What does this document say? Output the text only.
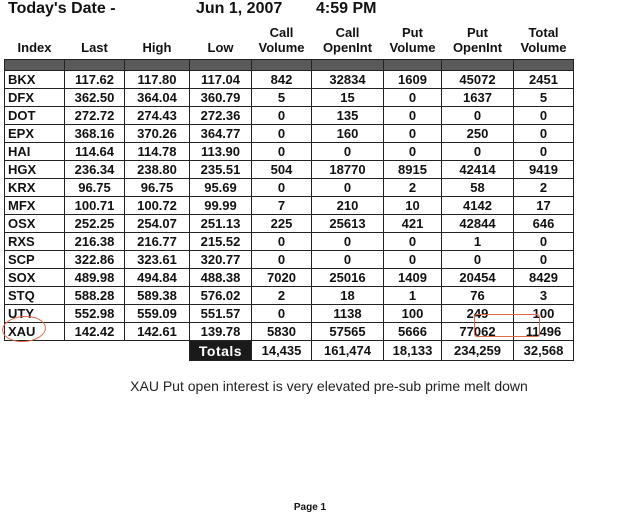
Today's Date -	Jun 1, 2007 4:59 PM
Index	Last	High	Low	Call Volume	Call OpenInt	Put Volume	Put OpenInt	Total Volume

BKX	117.62	117.80	117.04	842	32834	1609	45072	2451
DFX	362.50	364.04	360.79	5	15	0	1637	5
DOT	272.72	274.43	272.36	0	135	0	0	0
EPX	368.16	370.26	364.77	0	160	0	250	0
HAI	114.64	114.78	113.90	0	0	0	0	0
HGX	236.34	238.80	235.51	504	18770	8915	42414	9419
KRX	96.75	96.75	95.69	0	0	2	58	2
MFX	100.71	100.72	99.99	7	210	10	4142	17
OSX	252.25	254.07	251.13	225	25613	421	42844	646
RXS	216.38	216.77	215.52	0	0	0	1	0
SCP	322.86	323.61	320.77	0	0	0	0	0
SOX	489.98	494.84	488.38	7020	25016	1409	20454	8429
STQ	588.28	589.38	576.02	2	18	1	76	3
UTY	552.98	559.09	551.57	0	1138	100	249	100
XAU	142.42	142.61	139.78	5830	57565	5666	77062	11496
			Totals	14,435	161,474	18,133	234,259	32,568
XAU Put open interest is very elevated pre-sub prime melt down
Page 1
